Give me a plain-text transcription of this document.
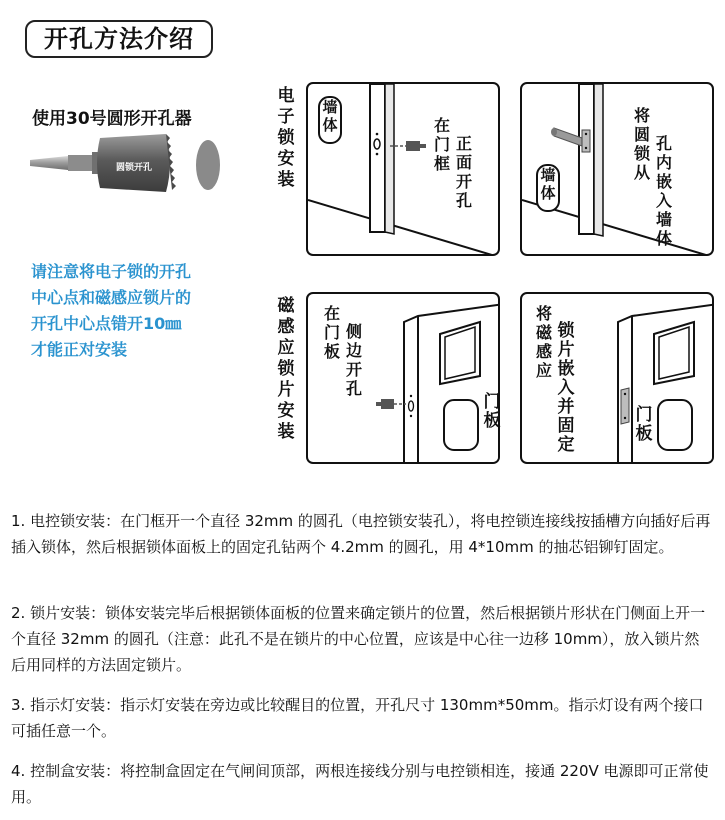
开孔方法介绍
使用30号圆形开孔器
圆锁开孔
请注意将电子锁的开孔
中心点和磁感应锁片的
开孔中心点错开10㎜
才能正对安装
电子锁安装
墙体	在门框
正面开孔
墙体
将圆锁从
孔内嵌入墙体
磁感应锁片安装
在门板
侧边开孔
门板
将磁感应
锁片嵌入并固定
门板
1. 电控锁安装：在门框开一个直径 32mm 的圆孔（电控锁安装孔），将电控锁连接线按插槽方向插好后再插入锁体，然后根据锁体面板上的固定孔钻两个 4.2mm 的圆孔，用 4*10mm 的抽芯铝铆钉固定。
2. 锁片安装：锁体安装完毕后根据锁体面板的位置来确定锁片的位置，然后根据锁片形状在门侧面上开一个直径 32mm 的圆孔（注意：此孔不是在锁片的中心位置，应该是中心往一边移 10mm），放入锁片然后用同样的方法固定锁片。
3. 指示灯安装：指示灯安装在旁边或比较醒目的位置，开孔尺寸 130mm*50mm。指示灯设有两个接口可插任意一个。
4. 控制盒安装：将控制盒固定在气闸间顶部，两根连接线分别与电控锁相连，接通 220V 电源即可正常使用。
